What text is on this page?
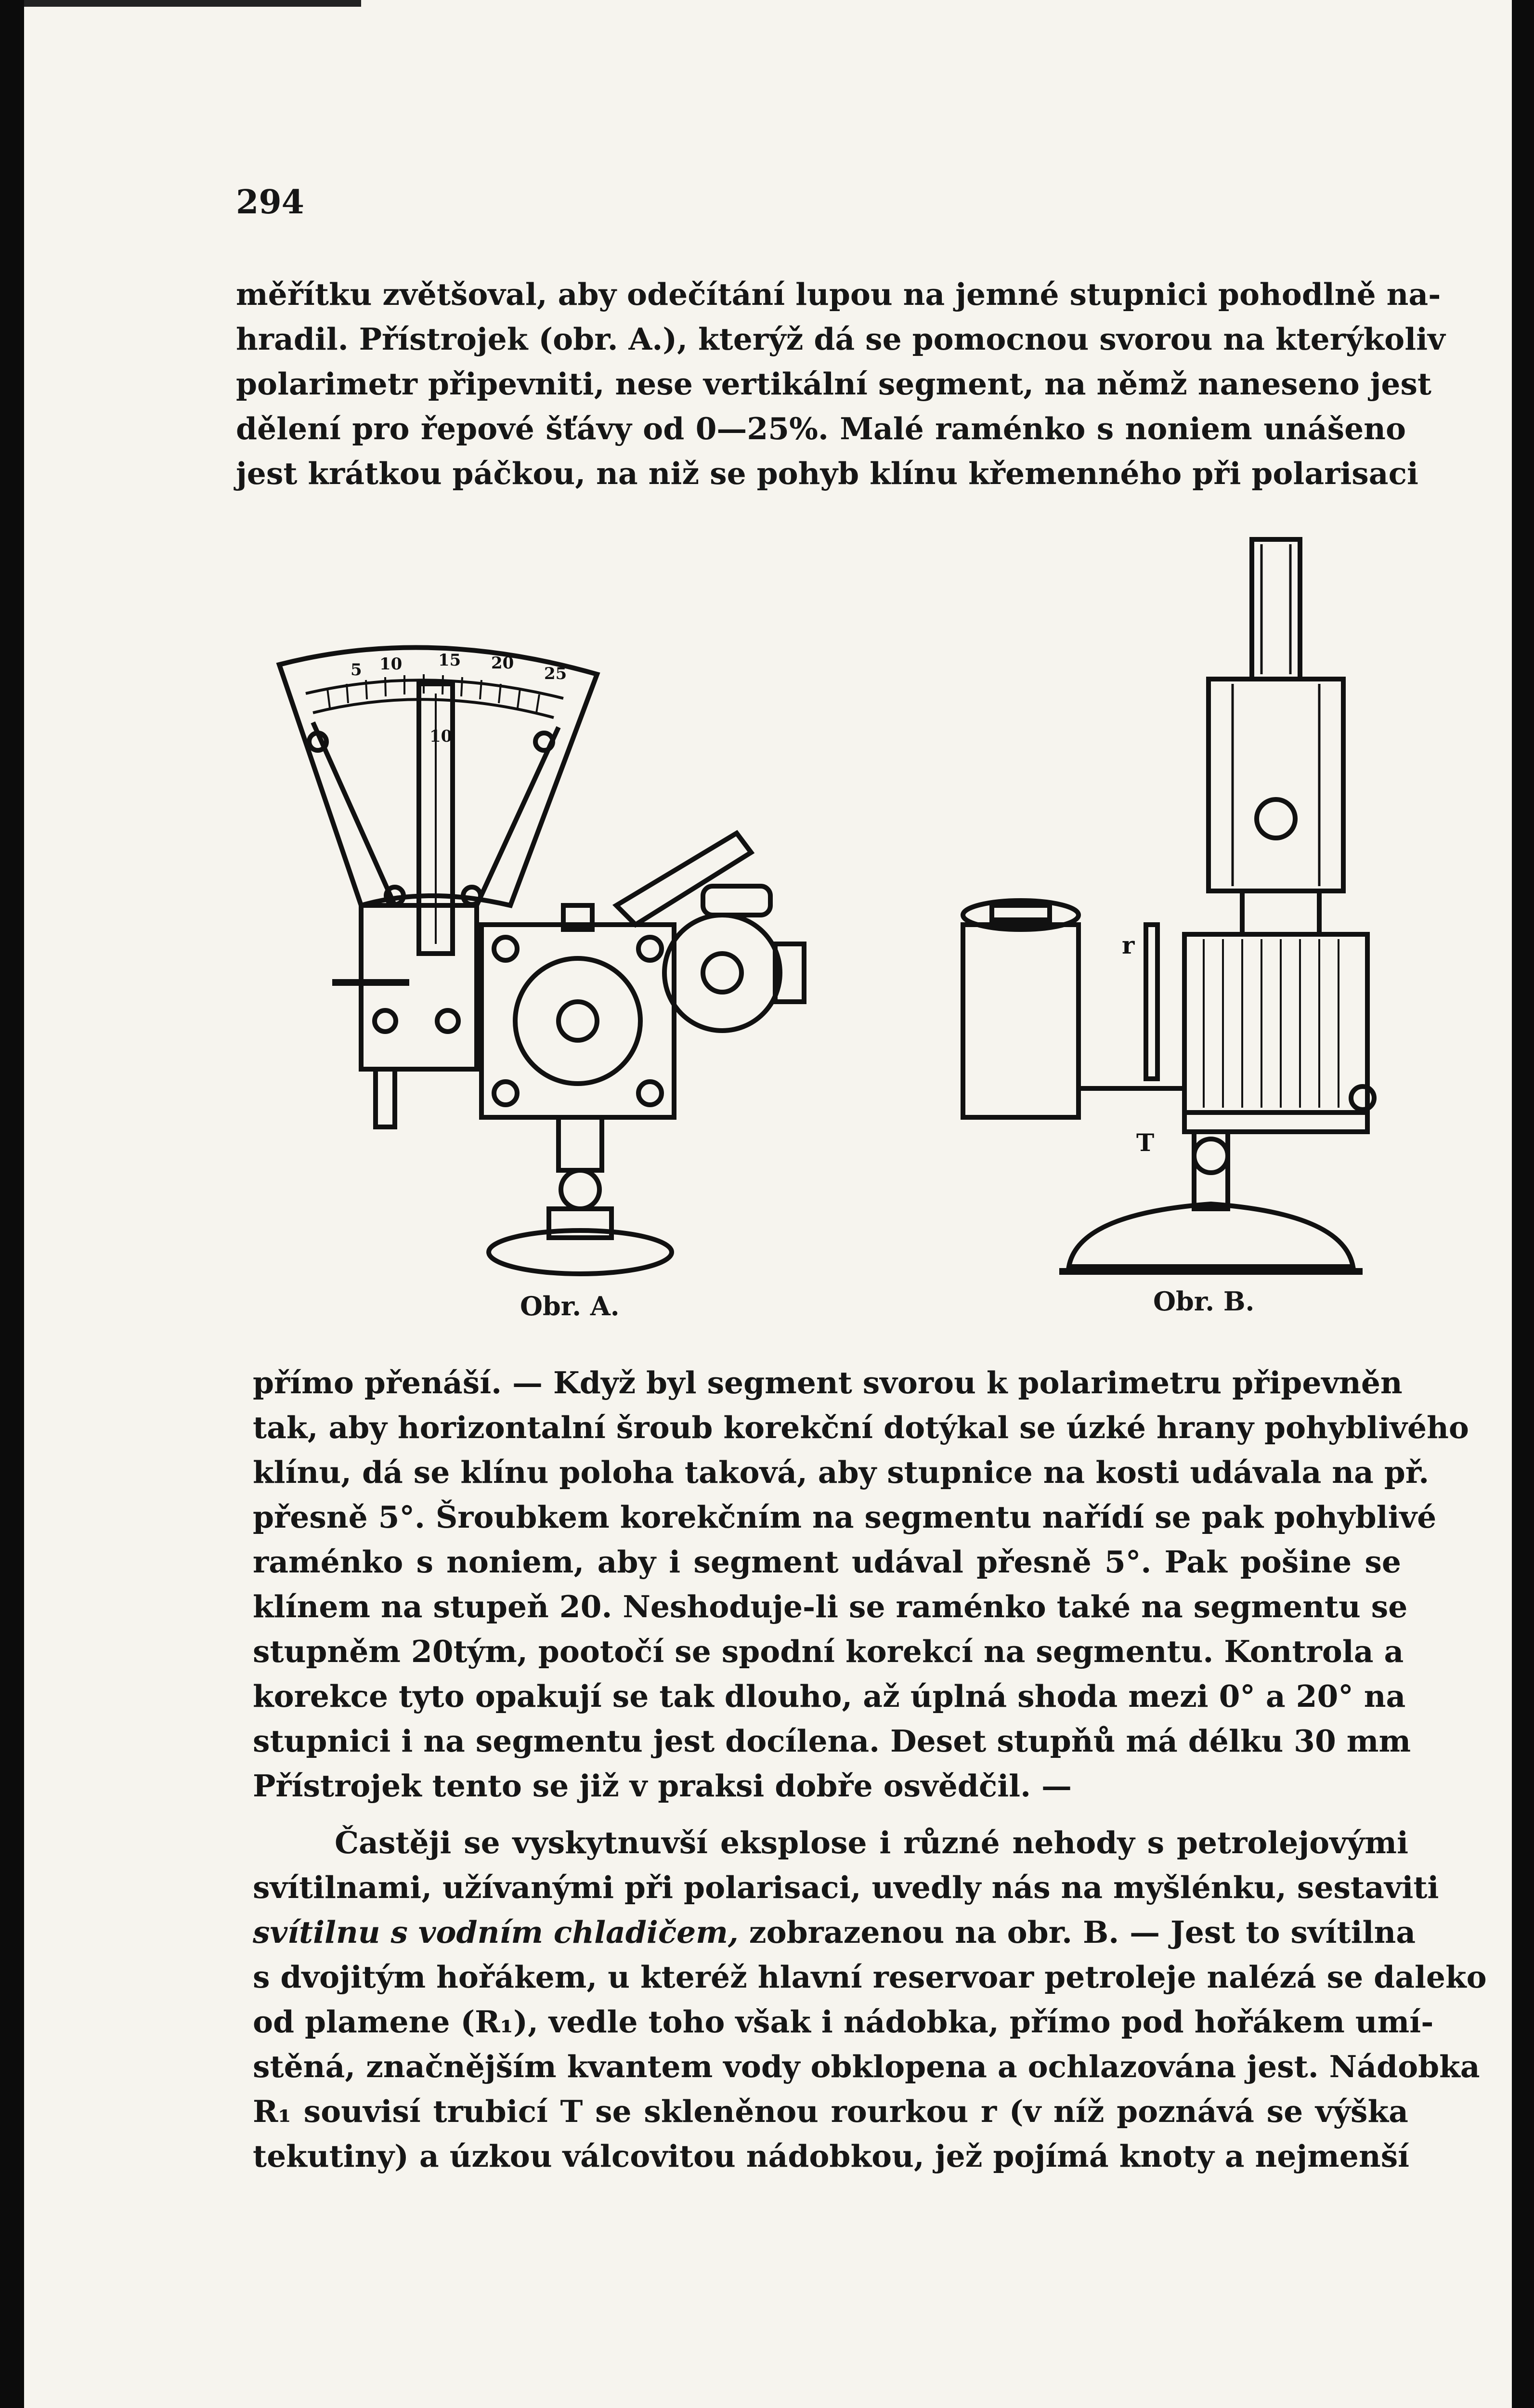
294
měřítku zvětšoval, aby odečítání lupou na jemné stupnici pohodlně na-
hradil. Přístrojek (obr. A.), kterýž dá se pomocnou svorou na kterýkoliv
polarimetr připevniti, nese vertikální segment, na němž naneseno jest
dělení pro řepové šťávy od 0—25%. Malé raménko s noniem unášeno
jest krátkou páčkou, na niž se pohyb klínu křemenného při polarisaci
5 10 15 20
25
10
Obr. A.
r
T
Obr. B.
přímo přenáší. — Když byl segment svorou k polarimetru připevněn
tak, aby horizontalní šroub korekční dotýkal se úzké hrany pohyblivého
klínu, dá se klínu poloha taková, aby stupnice na kosti udávala na př.
přesně 5°. Šroubkem korekčním na segmentu nařídí se pak pohyblivé
raménko s noniem, aby i segment udával přesně 5°. Pak pošine se
klínem na stupeň 20. Neshoduje-li se raménko také na segmentu se
stupněm 20tým, pootočí se spodní korekcí na segmentu. Kontrola a
korekce tyto opakují se tak dlouho, až úplná shoda mezi 0° a 20° na
stupnici i na segmentu jest docílena. Deset stupňů má délku 30 mm
Přístrojek tento se již v praksi dobře osvědčil. —
Častěji se vyskytnuvší eksplose i různé nehody s petrolejovými
svítilnami, užívanými při polarisaci, uvedly nás na myšlénku, sestaviti
svítilnu s vodním chladičem, zobrazenou na obr. B. — Jest to svítilna
s dvojitým hořákem, u kteréž hlavní reservoar petroleje nalézá se daleko
od plamene (R₁), vedle toho však i nádobka, přímo pod hořákem umí-
stěná, značnějším kvantem vody obklopena a ochlazována jest. Nádobka
R₁ souvisí trubicí T se skleněnou rourkou r (v níž poznává se výška
tekutiny) a úzkou válcovitou nádobkou, jež pojímá knoty a nejmenší
